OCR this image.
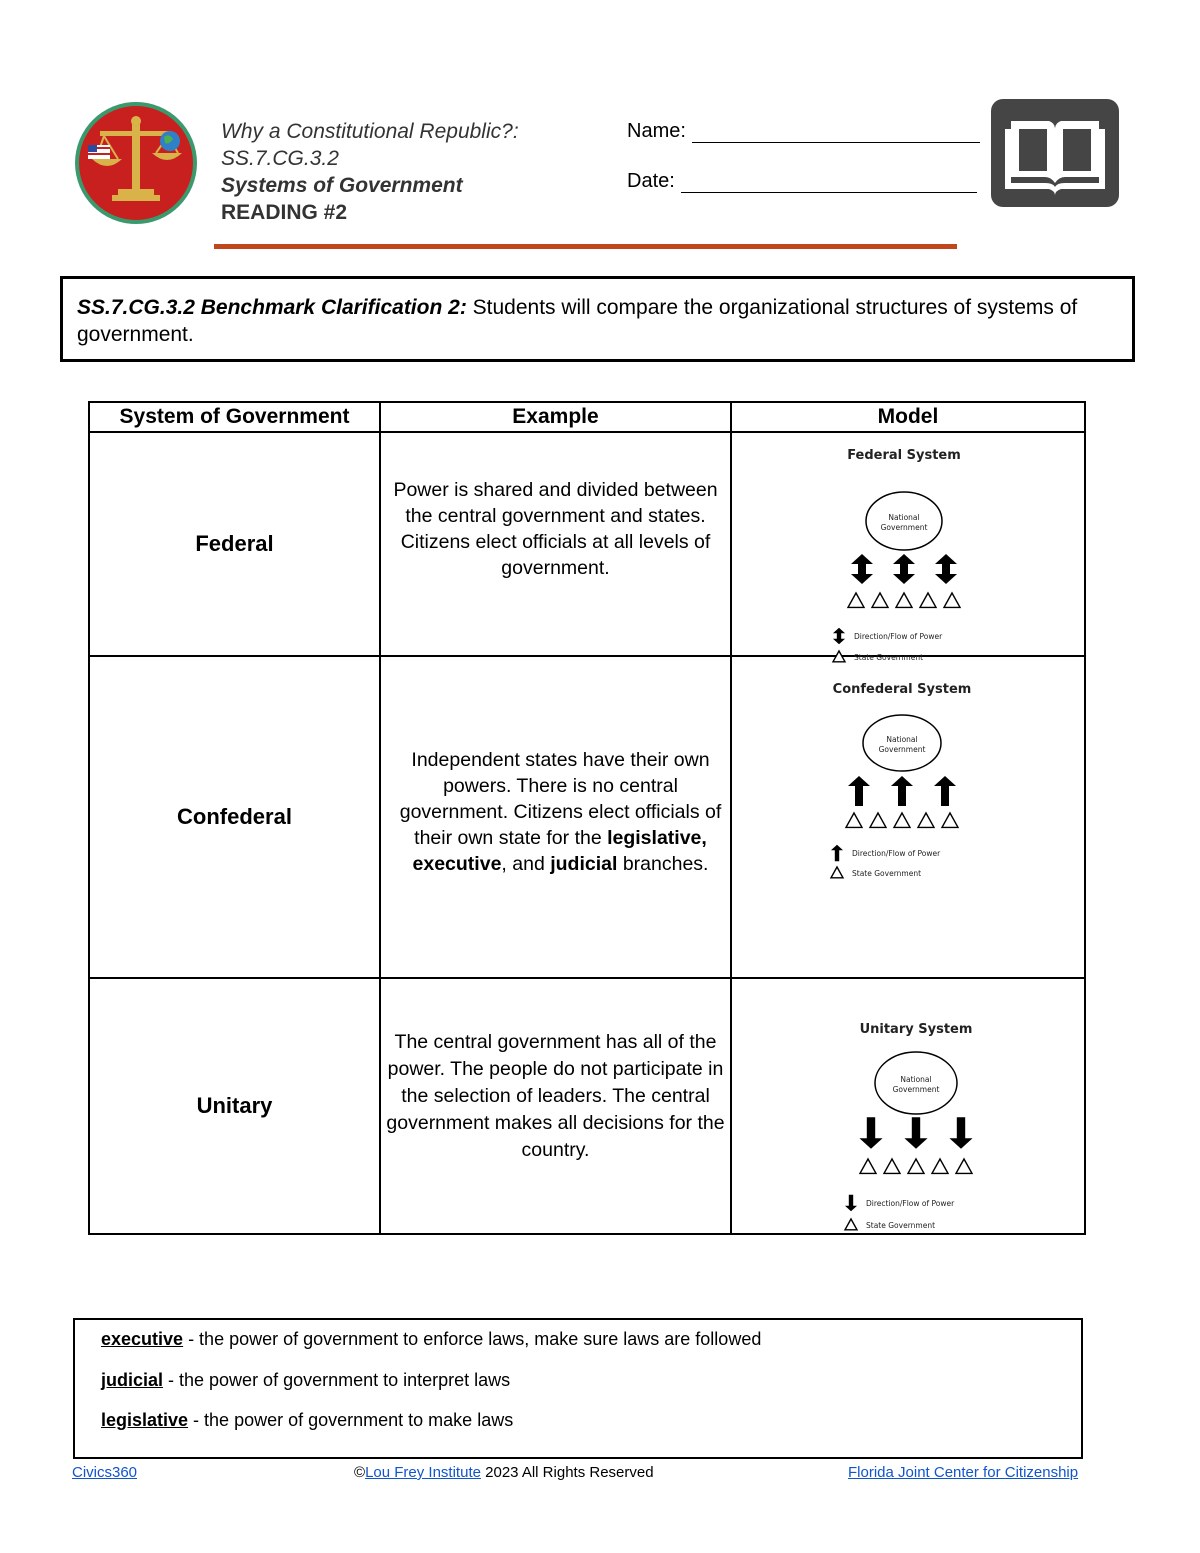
Why a Constitutional Republic?:
SS.7.CG.3.2
Systems of Government
READING #2
Name:
Date:
SS.7.CG.3.2 Benchmark Clarification 2: Students will compare the organizational structures of systems of government.
System of Government	Example	Model
Federal	Power is shared and divided between the central government and states. Citizens elect officials at all levels of government.	Federal System
National
Government
Direction/Flow of Power
State Government

Confederal	Independent states have their own powers. There is no central government. Citizens elect officials of their own state for the legislative, executive, and judicial branches.	Confederal System
National
Government
Direction/Flow of Power
State Government

Unitary	The central government has all of the power. The people do not participate in the selection of leaders. The central government makes all decisions for the country.	Unitary System
National
Government
Direction/Flow of Power
State Government
executive - the power of government to enforce laws, make sure laws are followed
judicial - the power of government to interpret laws
legislative - the power of government to make laws
Civics360	©Lou Frey Institute 2023 All Rights Reserved	Florida Joint Center for Citizenship
